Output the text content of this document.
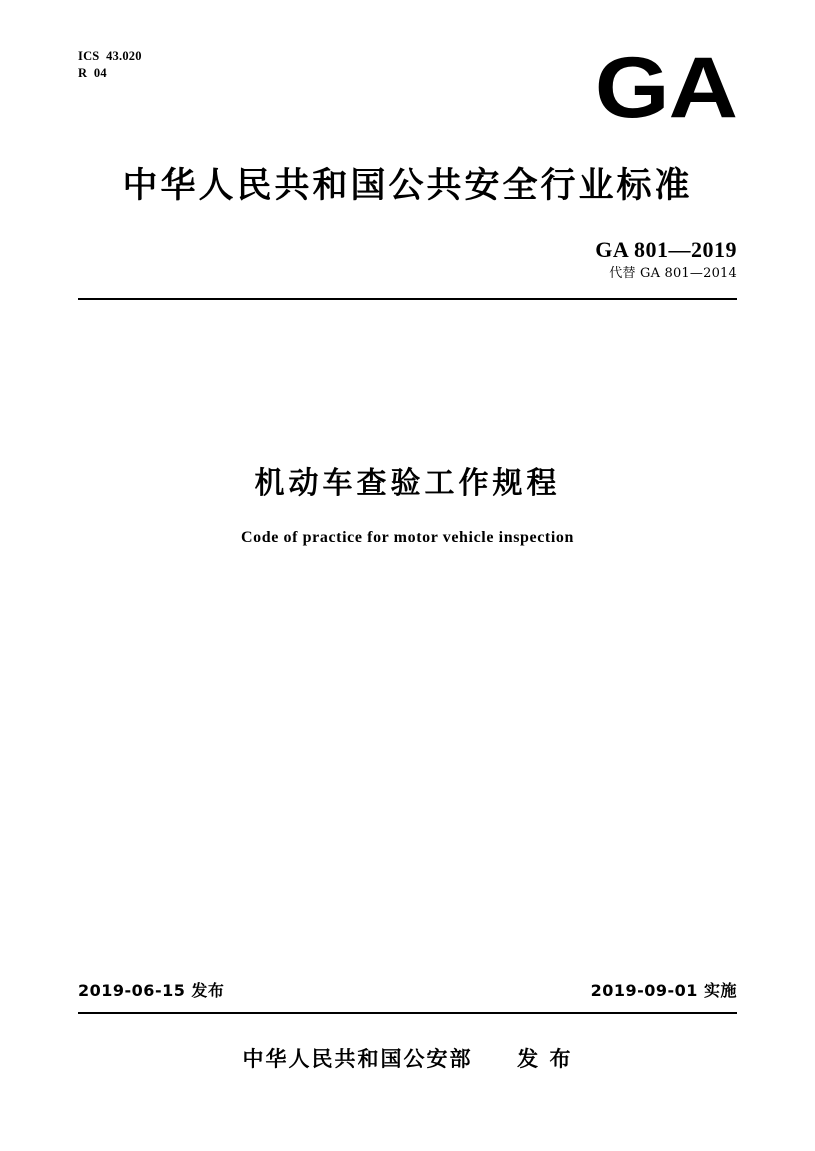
ICS  43.020
R  04	GA
中华人民共和国公共安全行业标准
GA 801—2019
代替 GA 801—2014
机动车查验工作规程
Code of practice for motor vehicle inspection
2019-06-15 发布	2019-09-01 实施
中华人民共和国公安部 发 布
